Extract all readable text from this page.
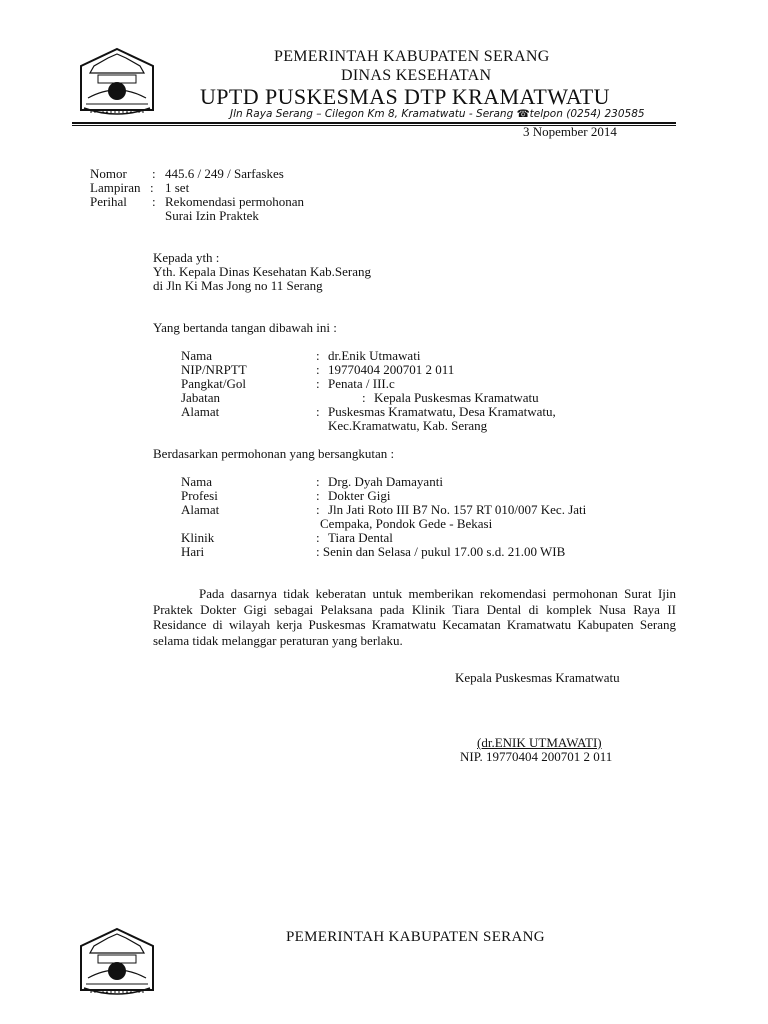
PEMERINTAH KABUPATEN SERANG
DINAS KESEHATAN
UPTD PUSKESMAS DTP KRAMATWATU
Jln Raya Serang – Cilegon Km 8, Kramatwatu - Serang ☎telpon (0254) 230585
3 Nopember 2014
Nomor : 445.6 / 249 / Sarfaskes
Lampiran : 1 set
Perihal : Rekomendasi permohonan
Surai Izin Praktek
Kepada yth :
Yth. Kepala Dinas Kesehatan Kab.Serang
di Jln Ki Mas Jong no 11 Serang
Yang bertanda tangan dibawah ini :
Nama	: dr.Enik Utmawati
NIP/NRPTT	: 19770404 200701 2 011
Pangkat/Gol	: Penata / III.c
Jabatan	: Kepala Puskesmas Kramatwatu
Alamat	: Puskesmas Kramatwatu, Desa Kramatwatu,
Kec.Kramatwatu, Kab. Serang
Berdasarkan permohonan yang bersangkutan :
Nama	: Drg. Dyah Damayanti
Profesi	: Dokter Gigi
Alamat	: Jln Jati Roto III B7 No. 157 RT 010/007 Kec. Jati
Cempaka, Pondok Gede - Bekasi
Klinik	: Tiara Dental
Hari	: Senin dan Selasa / pukul 17.00 s.d. 21.00 WIB
Pada dasarnya tidak keberatan untuk memberikan rekomendasi permohonan Surat Ijin Praktek Dokter Gigi sebagai Pelaksana pada Klinik Tiara Dental di komplek Nusa Raya II Residance di wilayah kerja Puskesmas Kramatwatu Kecamatan Kramatwatu Kabupaten Serang selama tidak melanggar peraturan yang berlaku.
Kepala Puskesmas Kramatwatu
(dr.ENIK UTMAWATI)
NIP. 19770404 200701 2 011
PEMERINTAH KABUPATEN SERANG
